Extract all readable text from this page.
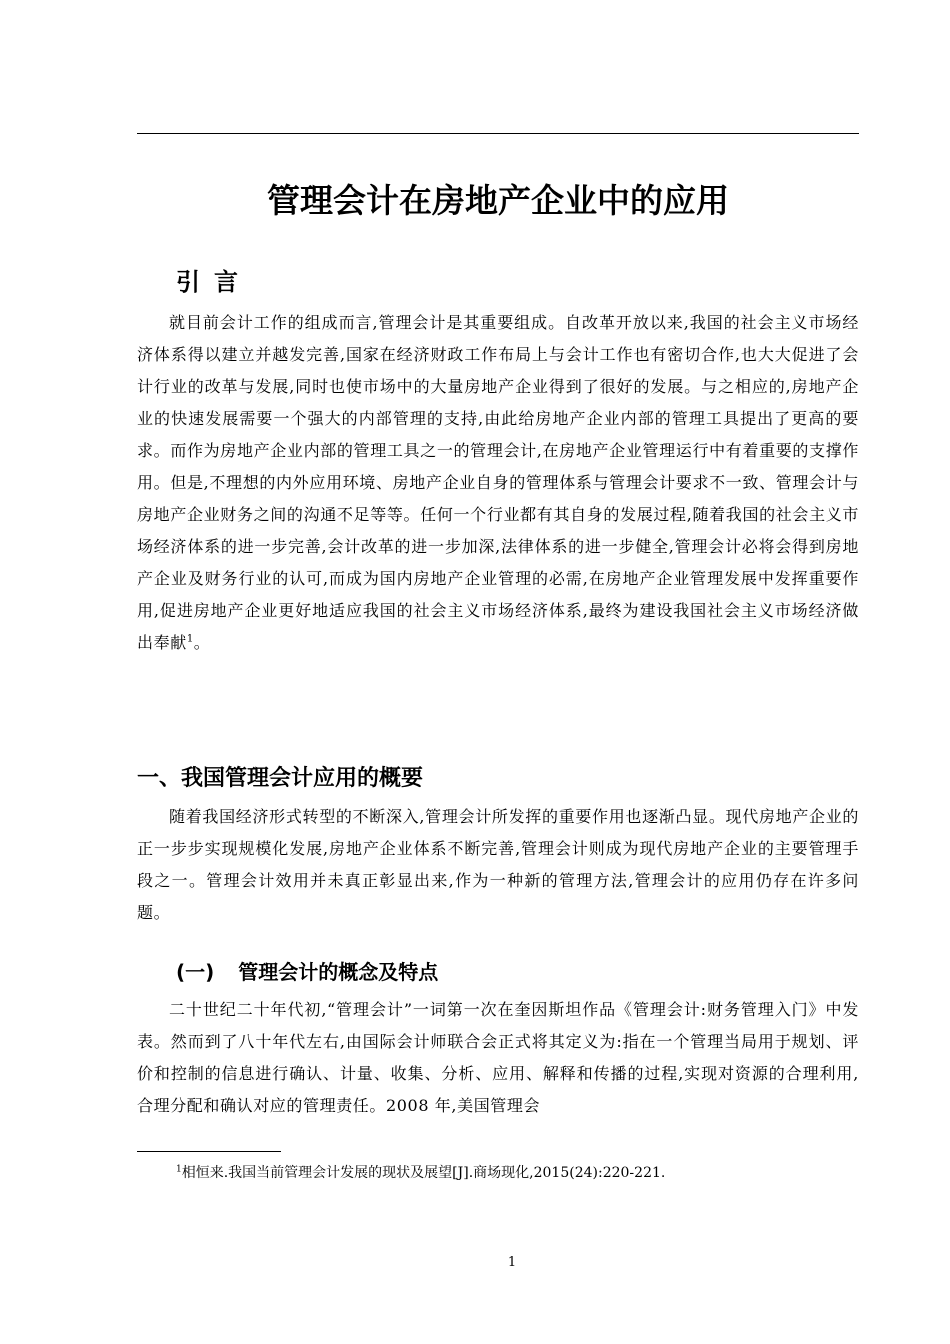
管理会计在房地产企业中的应用
引言

就目前会计工作的组成而言,管理会计是其重要组成。自改革开放以来,我国的社会主义市场经济体系得以建立并越发完善,国家在经济财政工作布局上与会计工作也有密切合作,也大大促进了会计行业的改革与发展,同时也使市场中的大量房地产企业得到了很好的发展。与之相应的,房地产企业的快速发展需要一个强大的内部管理的支持,由此给房地产企业内部的管理工具提出了更高的要求。而作为房地产企业内部的管理工具之一的管理会计,在房地产企业管理运行中有着重要的支撑作用。但是,不理想的内外应用环境、房地产企业自身的管理体系与管理会计要求不一致、管理会计与房地产企业财务之间的沟通不足等等。任何一个行业都有其自身的发展过程,随着我国的社会主义市场经济体系的进一步完善,会计改革的进一步加深,法律体系的进一步健全,管理会计必将会得到房地产企业及财务行业的认可,而成为国内房地产企业管理的必需,在房地产企业管理发展中发挥重要作用,促进房地产企业更好地适应我国的社会主义市场经济体系,最终为建设我国社会主义市场经济做出奉献$^1$。

一、我国管理会计应用的概要

随着我国经济形式转型的不断深入,管理会计所发挥的重要作用也逐渐凸显。现代房地产企业的正一步步实现规模化发展,房地产企业体系不断完善,管理会计则成为现代房地产企业的主要管理手段之一。管理会计效用并未真正彰显出来,作为一种新的管理方法,管理会计的应用仍存在许多问题。

(一) 管理会计的概念及特点

二十世纪二十年代初,“管理会计”一词第一次在奎因斯坦作品《管理会计:财务管理入门》中发表。然而到了八十年代左右,由国际会计师联合会正式将其定义为:指在一个管理当局用于规划、评价和控制的信息进行确认、计量、收集、分析、应用、解释和传播的过程,实现对资源的合理利用,合理分配和确认对应的管理责任。2008 年,美国管理会

$^1$相恒来.我国当前管理会计发展的现状及展望[J].商场现化,2015(24):220-221.
1
